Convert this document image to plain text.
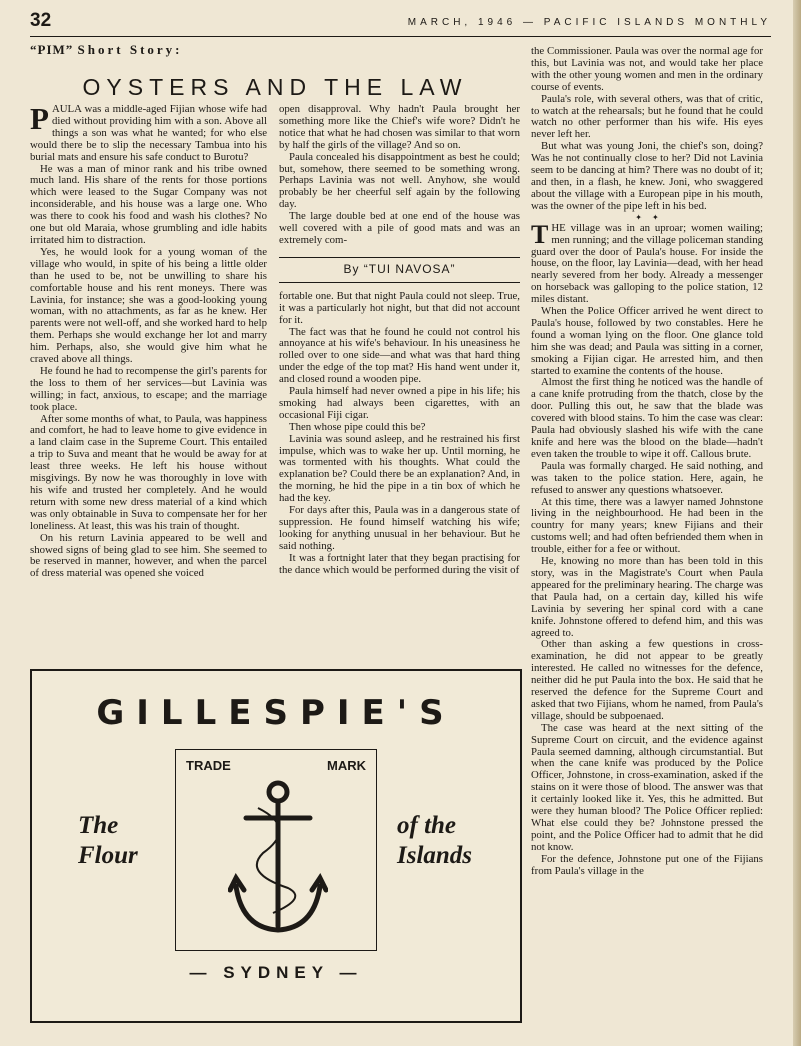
32	MARCH, 1946 — PACIFIC ISLANDS MONTHLY
“PIM” Short Story:
OYSTERS AND THE LAW

PAULA was a middle-aged Fijian whose wife had died without providing him with a son. Above all things a son was what he wanted; for who else would there be to slip the necessary Tambua into his burial mats and ensure his safe conduct to Burotu?

He was a man of minor rank and his tribe owned much land. His share of the rents for those portions which were leased to the Sugar Company was not inconsiderable, and his house was a large one. Who was there to cook his food and wash his clothes? No one but old Maraia, whose grumbling and idle habits irritated him to distraction.

Yes, he would look for a young woman of the village who would, in spite of his being a little older than he used to be, not be unwilling to share his comfortable house and his rent moneys. There was Lavinia, for instance; she was a good-looking young woman, with no attachments, as far as he knew. Her parents were not well-off, and she worked hard to help them. Perhaps she would exchange her lot and marry him. Perhaps, also, she would give him what he craved above all things.

He found he had to recompense the girl's parents for the loss to them of her services—but Lavinia was willing; in fact, anxious, to escape; and the marriage took place.

After some months of what, to Paula, was happiness and comfort, he had to leave home to give evidence in a land claim case in the Supreme Court. This entailed a trip to Suva and meant that he would be away for at least three weeks. He left his house without misgivings. By now he was thoroughly in love with his wife and trusted her completely. And he would return with some new dress material of a kind which was only obtainable in Suva to compensate her for her loneliness. At least, this was his train of thought.

On his return Lavinia appeared to be well and showed signs of being glad to see him. She seemed to be reserved in manner, however, and when the parcel of dress material was opened she voiced

open disapproval. Why hadn't Paula brought her something more like the Chief's wife wore? Didn't he notice that what he had chosen was similar to that worn by half the girls of the village? And so on.

Paula concealed his disappointment as best he could; but, somehow, there seemed to be something wrong. Perhaps Lavinia was not well. Anyhow, she would probably be her cheerful self again by the following day.

The large double bed at one end of the house was well covered with a pile of good mats and was an extremely com-

By “TUI NAVOSA”

fortable one. But that night Paula could not sleep. True, it was a particularly hot night, but that did not account for it.

The fact was that he found he could not control his annoyance at his wife's behaviour. In his uneasiness he rolled over to one side—and what was that hard thing under the edge of the top mat? His hand went under it, and closed round a wooden pipe.

Paula himself had never owned a pipe in his life; his smoking had always been cigarettes, with an occasional Fiji cigar.

Then whose pipe could this be?

Lavinia was sound asleep, and he restrained his first impulse, which was to wake her up. Until morning, he was tormented with his thoughts. What could the explanation be? Could there be an explanation? And, in the morning, he hid the pipe in a tin box of which he had the key.

For days after this, Paula was in a dangerous state of suppression. He found himself watching his wife; looking for anything unusual in her behaviour. But he said nothing.

It was a fortnight later that they began practising for the dance which would be performed during the visit of

the Commissioner. Paula was over the normal age for this, but Lavinia was not, and would take her place with the other young women and men in the ordinary course of events.

Paula's role, with several others, was that of critic, to watch at the rehearsals; but he found that he could watch no other performer than his wife. His eyes never left her.

But what was young Joni, the chief's son, doing? Was he not continually close to her? Did not Lavinia seem to be dancing at him? There was no doubt of it; and then, in a flash, he knew. Joni, who swaggered about the village with a European pipe in his mouth, was the owner of the pipe left in his bed.

✦     ✦

THE village was in an uproar; women wailing; men running; and the village policeman standing guard over the door of Paula's house. For inside the house, on the floor, lay Lavinia—dead, with her head nearly severed from her body. Already a messenger on horseback was galloping to the police station, 12 miles distant.

When the Police Officer arrived he went direct to Paula's house, followed by two constables. Here he found a woman lying on the floor. One glance told him she was dead; and Paula was sitting in a corner, smoking a Fijian cigar. He arrested him, and then started to examine the contents of the house.

Almost the first thing he noticed was the handle of a cane knife protruding from the thatch, close by the door. Pulling this out, he saw that the blade was covered with blood stains. To him the case was clear: Paula had obviously slashed his wife with the cane knife and here was the blood on the blade—hadn't even taken the trouble to wipe it off. Callous brute.

Paula was formally charged. He said nothing, and was taken to the police station. Here, again, he refused to answer any questions whatsoever.

At this time, there was a lawyer named Johnstone living in the neighbourhood. He had been in the country for many years; knew Fijians and their customs well; and had often befriended them when in trouble, either for a fee or without.

He, knowing no more than has been told in this story, was in the Magistrate's Court when Paula appeared for the preliminary hearing. The charge was that Paula had, on a certain day, killed his wife Lavinia by severing her spinal cord with a cane knife. Johnstone offered to defend him, and this was agreed to.

Other than asking a few questions in cross-examination, he did not appear to be greatly interested. He called no witnesses for the defence, neither did he put Paula into the box. He said that he reserved the defence for the Supreme Court and asked that two Fijians, whom he named, from Paula's village, should be subpoenaed.

The case was heard at the next sitting of the Supreme Court on circuit, and the evidence against Paula seemed damning, although circumstantial. But when the cane knife was produced by the Police Officer, Johnstone, in cross-examination, asked if the stains on it were those of blood. The answer was that it certainly looked like it. Yes, this he admitted. But were they human blood? The Police Officer replied: What else could they be? Johnstone pressed the point, and the Police Officer had to admit that he did not know.

For the defence, Johnstone put one of the Fijians from Paula's village in the

GILLESPIE'S
TRADE	MARK
The
Flour
of the
Islands
— SYDNEY —
